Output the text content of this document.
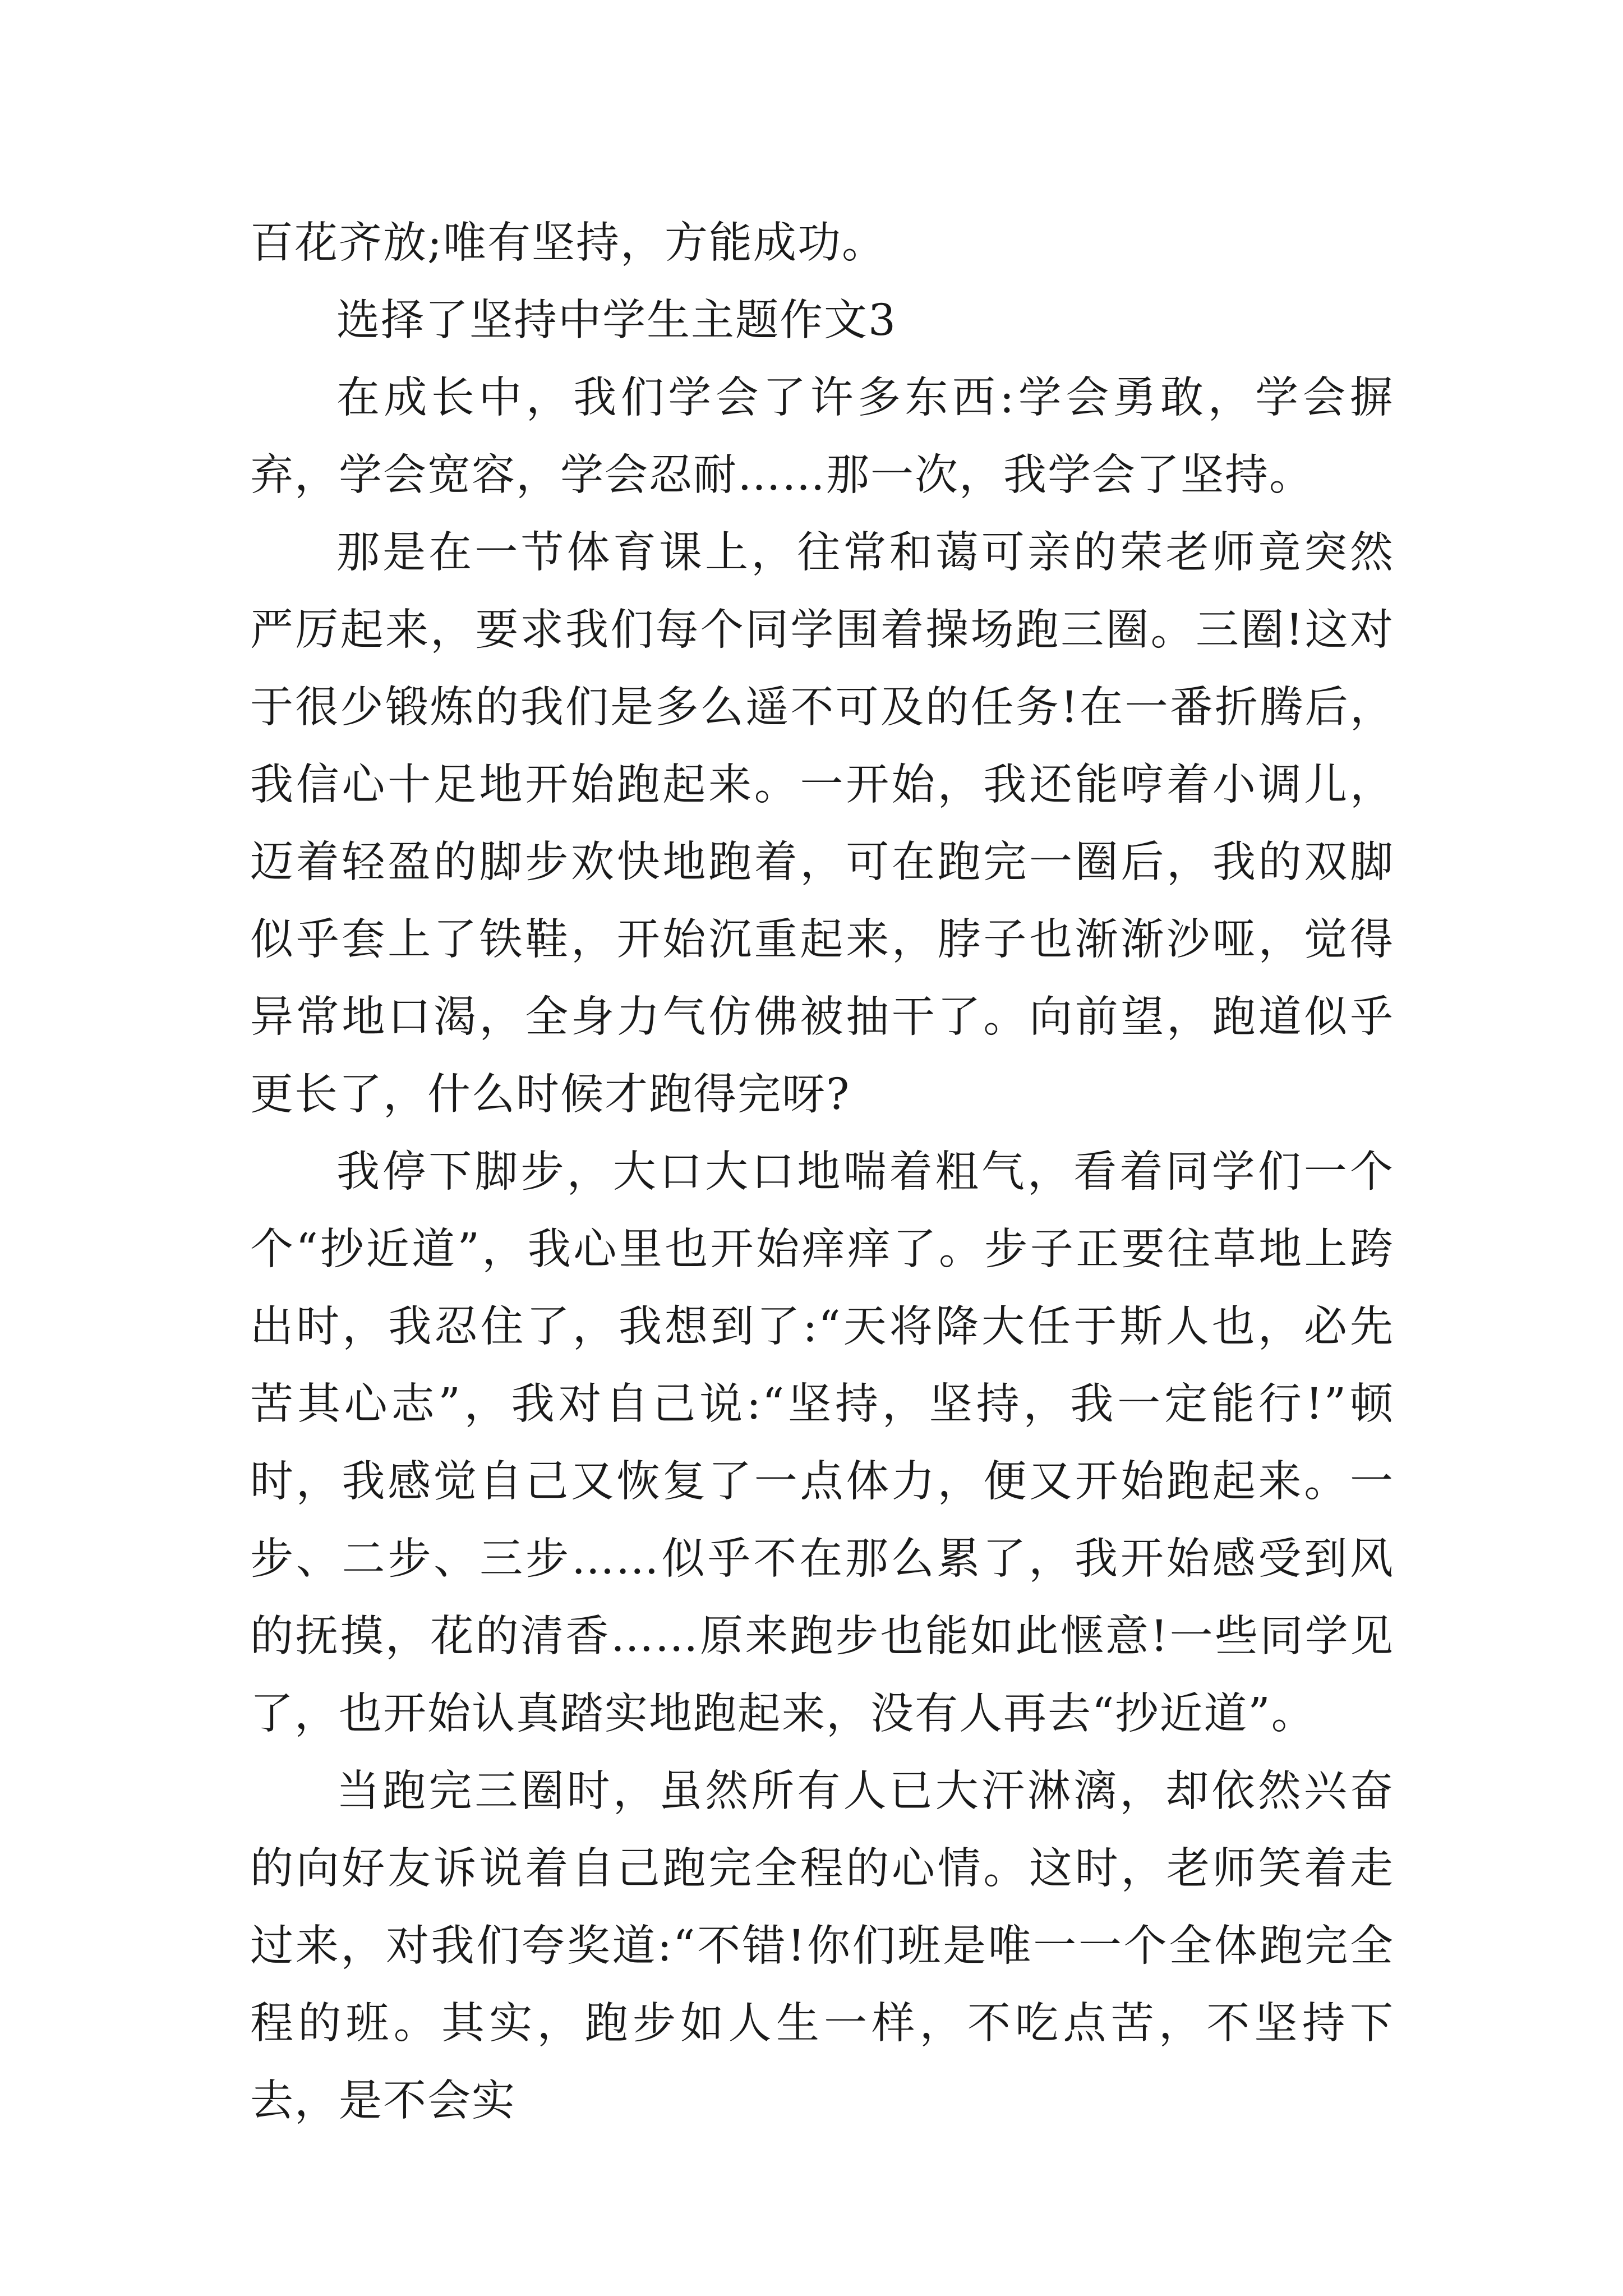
百花齐放;唯有坚持，方能成功。

选择了坚持中学生主题作文3

在成长中，我们学会了许多东西:学会勇敢，学会摒弃，学会宽容，学会忍耐……那一次，我学会了坚持。

那是在一节体育课上，往常和蔼可亲的荣老师竟突然严厉起来，要求我们每个同学围着操场跑三圈。三圈!这对于很少锻炼的我们是多么遥不可及的任务!在一番折腾后，我信心十足地开始跑起来。一开始，我还能哼着小调儿，迈着轻盈的脚步欢快地跑着，可在跑完一圈后，我的双脚似乎套上了铁鞋，开始沉重起来，脖子也渐渐沙哑，觉得异常地口渴，全身力气仿佛被抽干了。向前望，跑道似乎更长了，什么时候才跑得完呀?

我停下脚步，大口大口地喘着粗气，看着同学们一个个“抄近道”，我心里也开始痒痒了。步子正要往草地上跨出时，我忍住了，我想到了:“天将降大任于斯人也，必先苦其心志”，我对自己说:“坚持，坚持，我一定能行!”顿时，我感觉自己又恢复了一点体力，便又开始跑起来。一步、二步、三步……似乎不在那么累了，我开始感受到风的抚摸，花的清香……原来跑步也能如此惬意!一些同学见了，也开始认真踏实地跑起来，没有人再去“抄近道”。

当跑完三圈时，虽然所有人已大汗淋漓，却依然兴奋的向好友诉说着自己跑完全程的心情。这时，老师笑着走过来，对我们夸奖道:“不错!你们班是唯一一个全体跑完全程的班。其实，跑步如人生一样，不吃点苦，不坚持下去，是不会实
